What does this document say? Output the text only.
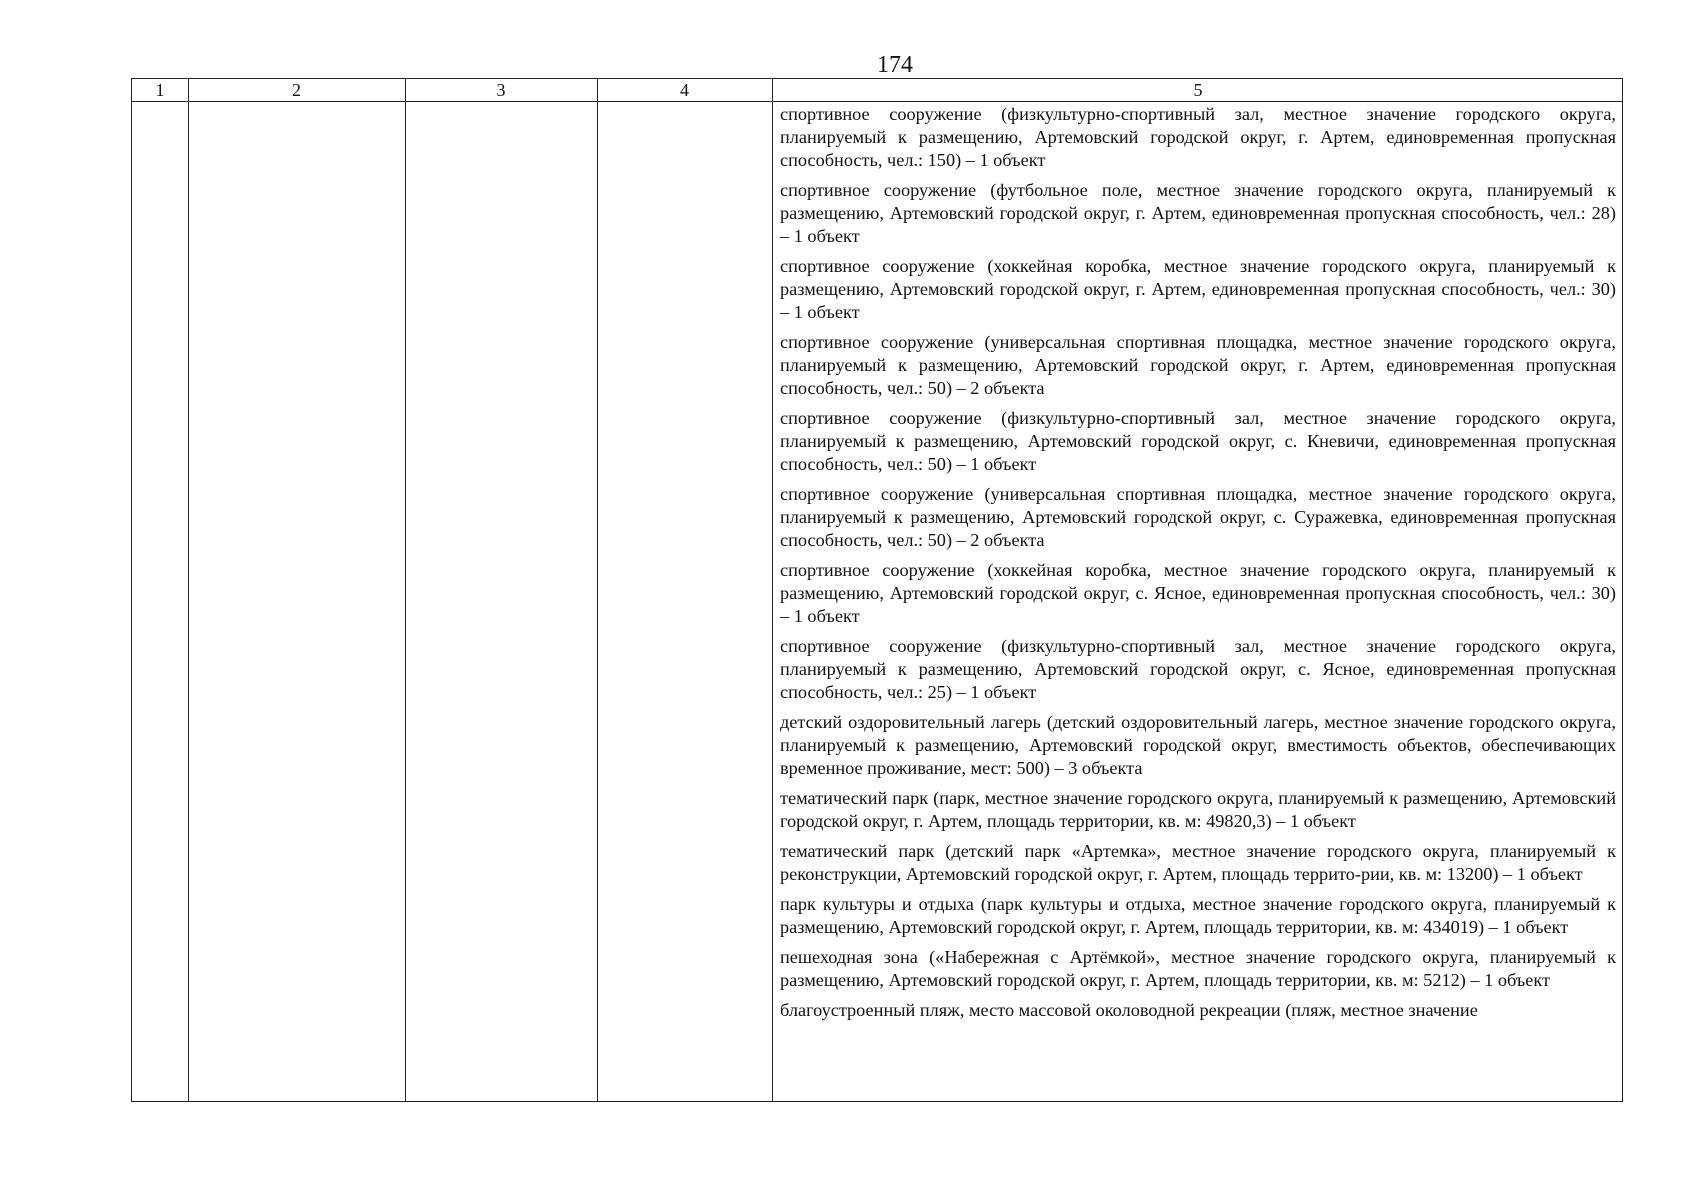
174
1	2	3	4	5

спортивное сооружение (физкультурно-спортивный зал, местное значение городского округа, планируемый к размещению, Артемовский городской округ, г. Артем, единовременная пропускная способность, чел.: 150) – 1 объект

спортивное сооружение (футбольное поле, местное значение городского округа, планируемый к размещению, Артемовский городской округ, г. Артем, единовременная пропускная способность, чел.: 28) – 1 объект

спортивное сооружение (хоккейная коробка, местное значение городского округа, планируемый к размещению, Артемовский городской округ, г. Артем, единовременная пропускная способность, чел.: 30) – 1 объект

спортивное сооружение (универсальная спортивная площадка, местное значение городского округа, планируемый к размещению, Артемовский городской округ, г. Артем, единовременная пропускная способность, чел.: 50) – 2 объекта

спортивное сооружение (физкультурно-спортивный зал, местное значение городского округа, планируемый к размещению, Артемовский городской округ, с. Кневичи, единовременная пропускная способность, чел.: 50) – 1 объект

спортивное сооружение (универсальная спортивная площадка, местное значение городского округа, планируемый к размещению, Артемовский городской округ, с. Суражевка, единовременная пропускная способность, чел.: 50) – 2 объекта

спортивное сооружение (хоккейная коробка, местное значение городского округа, планируемый к размещению, Артемовский городской округ, с. Ясное, единовременная пропускная способность, чел.: 30) – 1 объект

спортивное сооружение (физкультурно-спортивный зал, местное значение городского округа, планируемый к размещению, Артемовский городской округ, с. Ясное, единовременная пропускная способность, чел.: 25) – 1 объект

детский оздоровительный лагерь (детский оздоровительный лагерь, местное значение городского округа, планируемый к размещению, Артемовский городской округ, вместимость объектов, обеспечивающих временное проживание, мест: 500) – 3 объекта

тематический парк (парк, местное значение городского округа, планируемый к размещению, Артемовский городской округ, г. Артем, площадь территории, кв. м: 49820,3) – 1 объект

тематический парк (детский парк «Артемка», местное значение городского округа, планируемый к реконструкции, Артемовский городской округ, г. Артем, площадь террито-рии, кв. м: 13200) – 1 объект

парк культуры и отдыха (парк культуры и отдыха, местное значение городского округа, планируемый к размещению, Артемовский городской округ, г. Артем, площадь территории, кв. м: 434019) – 1 объект

пешеходная зона («Набережная с Артёмкой», местное значение городского округа, планируемый к размещению, Артемовский городской округ, г. Артем, площадь территории, кв. м: 5212) – 1 объект

благоустроенный пляж, место массовой околоводной рекреации (пляж, местное значение
